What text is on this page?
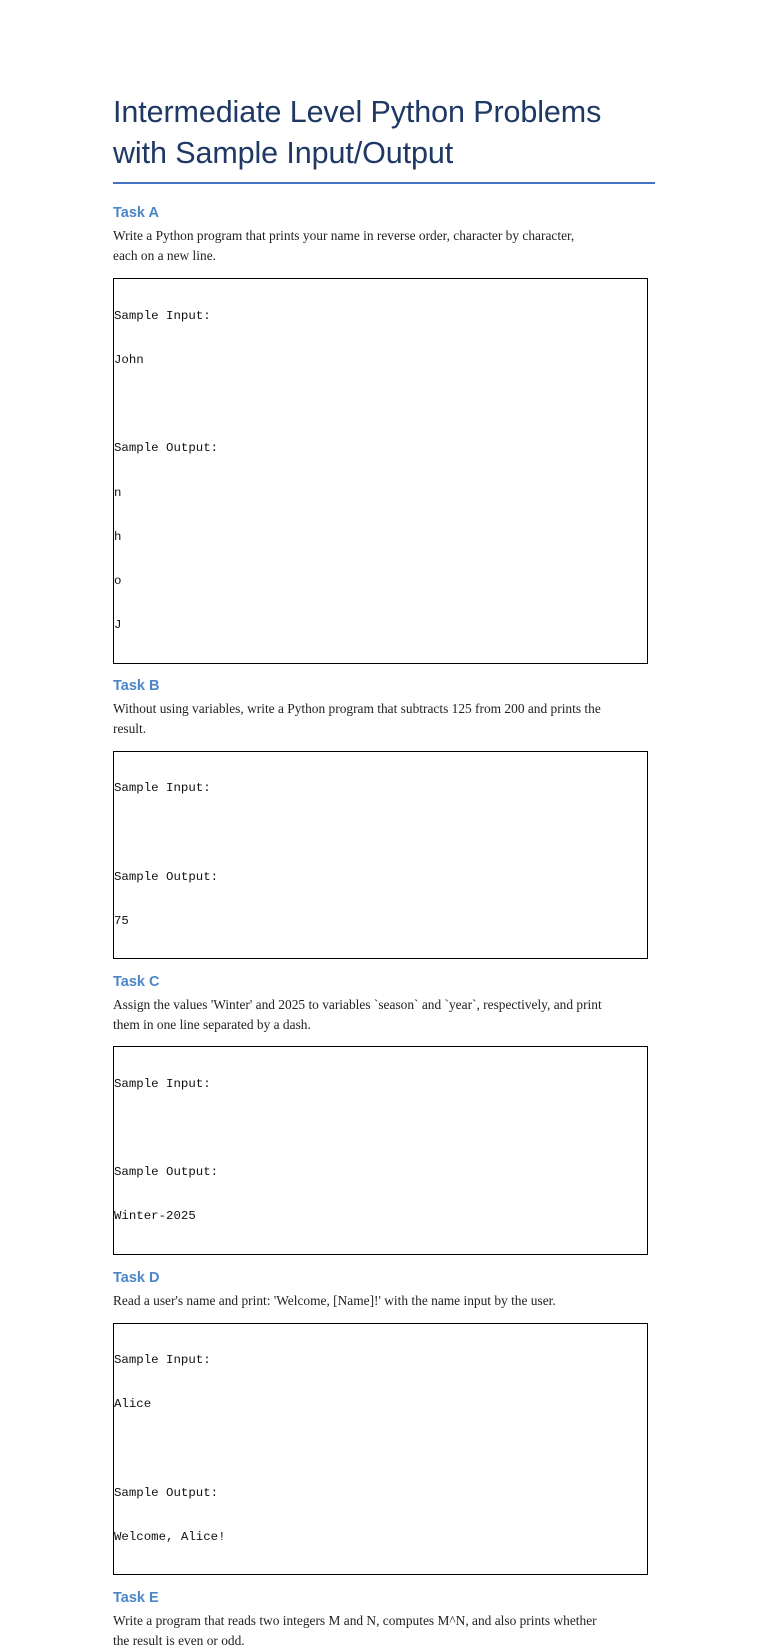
Intermediate Level Python Problems
with Sample Input/Output
Task A

Write a Python program that prints your name in reverse order, character by character,
each on a new line.

Sample Input:

John

Sample Output:

n

h

o

J

Task B

Without using variables, write a Python program that subtracts 125 from 200 and prints the
result.

Sample Input:

Sample Output:

75

Task C

Assign the values 'Winter' and 2025 to variables `season` and `year`, respectively, and print
them in one line separated by a dash.

Sample Input:

Sample Output:

Winter-2025

Task D

Read a user's name and print: 'Welcome, [Name]!' with the name input by the user.

Sample Input:

Alice

Sample Output:

Welcome, Alice!

Task E

Write a program that reads two integers M and N, computes M^N, and also prints whether
the result is even or odd.
